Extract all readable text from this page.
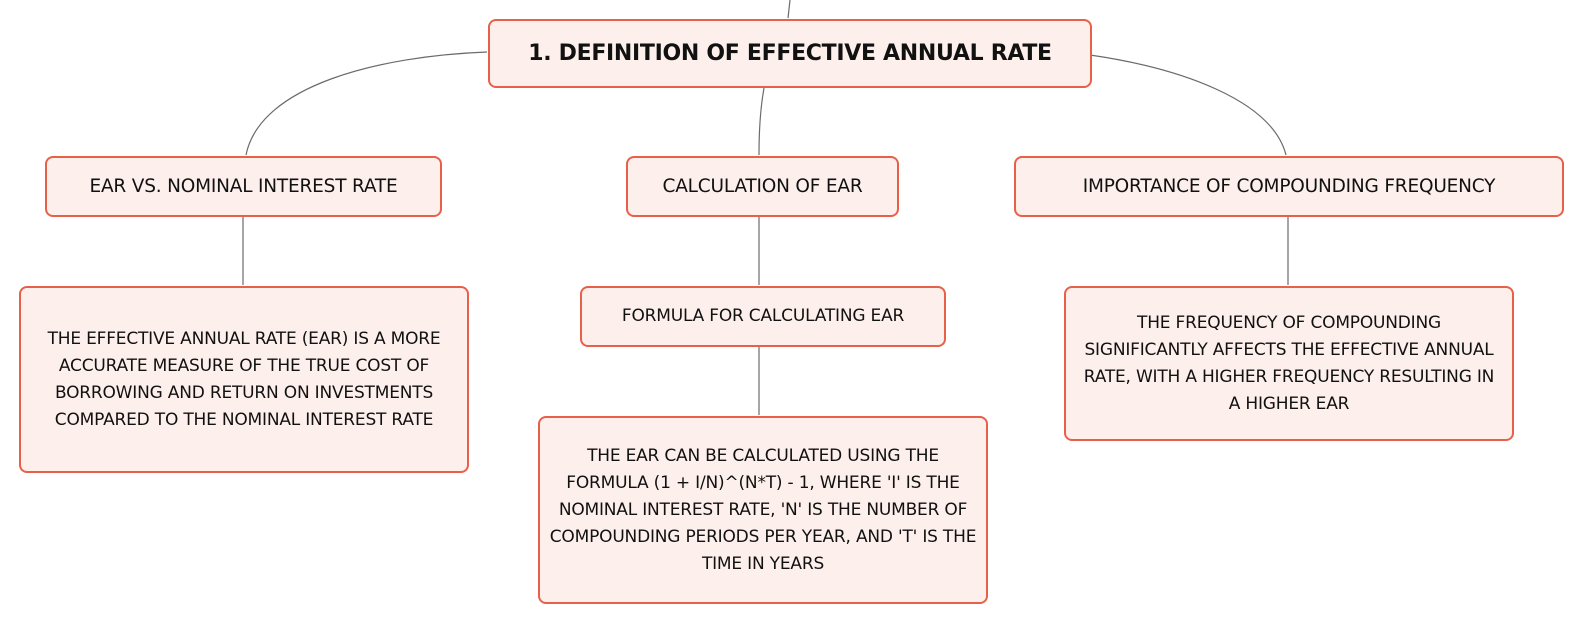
1. DEFINITION OF EFFECTIVE ANNUAL RATE
EAR VS. NOMINAL INTEREST RATE	CALCULATION OF EAR	IMPORTANCE OF COMPOUNDING FREQUENCY
THE EFFECTIVE ANNUAL RATE (EAR) IS A MORE ACCURATE MEASURE OF THE TRUE COST OF BORROWING AND RETURN ON INVESTMENTS COMPARED TO THE NOMINAL INTEREST RATE
FORMULA FOR CALCULATING EAR
THE EAR CAN BE CALCULATED USING THE FORMULA (1 + I/N)^(N*T) - 1, WHERE 'I' IS THE NOMINAL INTEREST RATE, 'N' IS THE NUMBER OF COMPOUNDING PERIODS PER YEAR, AND 'T' IS THE TIME IN YEARS
THE FREQUENCY OF COMPOUNDING SIGNIFICANTLY AFFECTS THE EFFECTIVE ANNUAL RATE, WITH A HIGHER FREQUENCY RESULTING IN A HIGHER EAR
